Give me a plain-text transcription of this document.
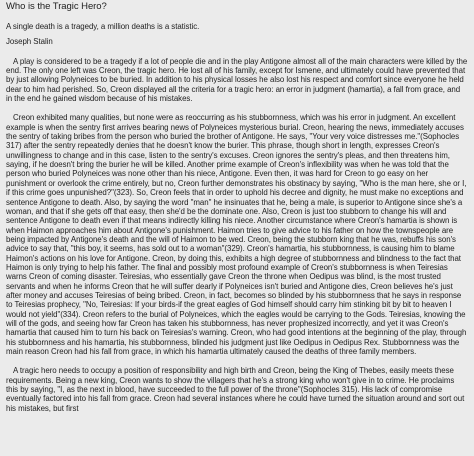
Who is the Tragic Hero?

A single death is a tragedy, a million deaths is a statistic.

Joseph Stalin

A play is considered to be a tragedy if a lot of people die and in the play Antigone almost all of the main characters were killed by the end. The only one left was Creon, the tragic hero. He lost all of his family, except for Ismene, and ultimately could have prevented that by just allowing Polyneices to be buried. In addition to his physical losses he also lost his respect and comfort since everyone he held dear to him had perished. So, Creon displayed all the criteria for a tragic hero: an error in judgment (hamartia), a fall from grace, and in the end he gained wisdom because of his mistakes.

Creon exhibited many qualities, but none were as reoccurring as his stubbornness, which was his error in judgment. An excellent example is when the sentry first arrives bearing news of Polyneices mysterious burial. Creon, hearing the news, immediately accuses the sentry of taking bribes from the person who buried the brother of Antigone. He says, "Your very voice distresses me."(Sophocles 317) after the sentry repeatedly denies that he doesn't know the burier. This phrase, though short in length, expresses Creon's unwillingness to change and in this case, listen to the sentry's excuses. Creon ignores the sentry's pleas, and then threatens him, saying, if he doesn't bring the burier he will be killed. Another prime example of Creon's inflexibility was when he was told that the person who buried Polyneices was none other than his niece, Antigone. Even then, it was hard for Creon to go easy on her punishment or overlook the crime entirely, but no, Creon further demonstrates his obstinacy by saying, "Who is the man here, she or I, if this crime goes unpunished?"(323). So, Creon feels that in order to uphold his decree and dignity, he must make no exceptions and sentence Antigone to death. Also, by saying the word "man" he insinuates that he, being a male, is superior to Antigone since she's a woman, and that if she gets off that easy, then she'd be the dominate one. Also, Creon is just too stubborn to change his will and sentence Antigone to death even if that means indirectly killing his niece. Another circumstance where Creon's hamartia is shown is when Haimon approaches him about Antigone's punishment. Haimon tries to give advice to his father on how the townspeople are being impacted by Antigone's death and the will of Haimon to be wed. Creon, being the stubborn king that he was, rebuffs his son's advice to say that, "this boy, it seems, has sold out to a woman"(329). Creon's hamartia, his stubbornness, is causing him to blame Haimon's actions on his love for Antigone. Creon, by doing this, exhibits a high degree of stubbornness and blindness to the fact that Haimon is only trying to help his father. The final and possibly most profound example of Creon's stubbornness is when Teiresias warns Creon of coming disaster. Teiresias, who essentially gave Creon the throne when Oedipus was blind, is the most trusted servants and when he informs Creon that he will suffer dearly if Polyneices isn't buried and Antigone dies, Creon believes he's just after money and accuses Teiresias of being bribed. Creon, in fact, becomes so blinded by his stubbornness that he says in response to Teiresias prophecy, "No, Teiresias: If your birds-if the great eagles of God himself should carry him stinking bit by bit to heaven I would not yield"(334). Creon refers to the burial of Polyneices, which the eagles would be carrying to the Gods. Teiresias, knowing the will of the gods, and seeing how far Creon has taken his stubbornness, has never prophesized incorrectly, and yet it was Creon's hamartia that caused him to turn his back on Teiresias's warning. Creon, who had good intentions at the beginning of the play, through his stubbornness and his hamartia, his stubbornness, blinded his judgment just like Oedipus in Oedipus Rex. Stubbornness was the main reason Creon had his fall from grace, in which his hamartia ultimately caused the deaths of three family members.

A tragic hero needs to occupy a position of responsibility and high birth and Creon, being the King of Thebes, easily meets these requirements. Being a new king, Creon wants to show the villagers that he's a strong king who won't give in to crime. He proclaims this by saying, "I, as the next in blood, have succeeded to the full power of the throne"(Sophocles 315). His lack of compromise eventually factored into his fall from grace. Creon had several instances where he could have turned the situation around and sort out his mistakes, but first
